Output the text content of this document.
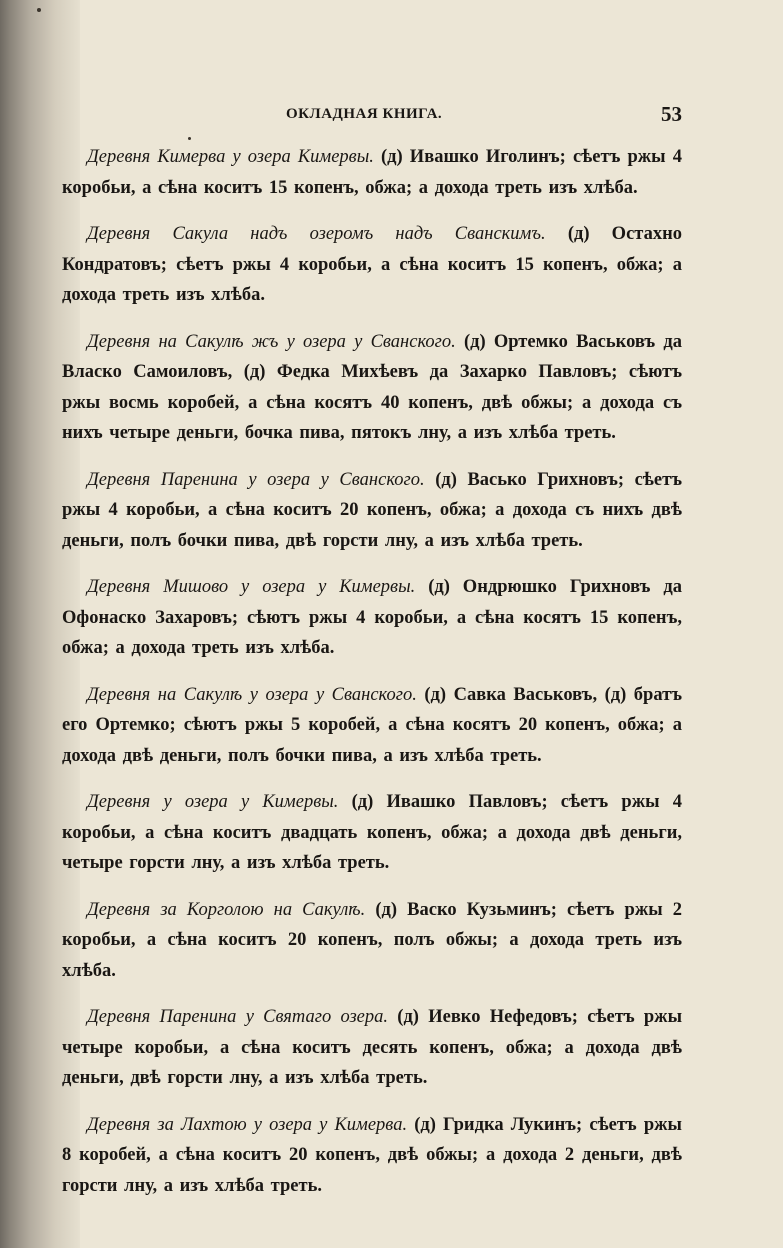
ОКЛАДНАЯ КНИГА.	53

Деревня Кимерва у озера Кимервы. (д) Ивашко Иголинъ; сѣетъ ржы 4 коробьи, а сѣна коситъ 15 копенъ, обжа; а дохода треть изъ хлѣба.

Деревня Сакула надъ озеромъ надъ Сванскимъ. (д) Остахно Кондратовъ; сѣетъ ржы 4 коробьи, а сѣна коситъ 15 копенъ, обжа; а дохода треть изъ хлѣба.

Деревня на Сакулѣ жъ у озера у Сванского. (д) Ортемко Васьковъ да Власко Самоиловъ, (д) Федка Михѣевъ да Захарко Павловъ; сѣютъ ржы восмь коробей, а сѣна косятъ 40 копенъ, двѣ обжы; а дохода съ нихъ четыре деньги, бочка пива, пятокъ лну, а изъ хлѣба треть.

Деревня Паренина у озера у Сванского. (д) Васько Грихновъ; сѣетъ ржы 4 коробьи, а сѣна коситъ 20 копенъ, обжа; а дохода съ нихъ двѣ деньги, полъ бочки пива, двѣ горсти лну, а изъ хлѣба треть.

Деревня Мишово у озера у Кимервы. (д) Ондрюшко Грихновъ да Офонаско Захаровъ; сѣютъ ржы 4 коробьи, а сѣна косятъ 15 копенъ, обжа; а дохода треть изъ хлѣба.

Деревня на Сакулѣ у озера у Сванского. (д) Савка Васьковъ, (д) братъ его Ортемко; сѣютъ ржы 5 коробей, а сѣна косятъ 20 копенъ, обжа; а дохода двѣ деньги, полъ бочки пива, а изъ хлѣба треть.

Деревня у озера у Кимервы. (д) Ивашко Павловъ; сѣетъ ржы 4 коробьи, а сѣна коситъ двадцать копенъ, обжа; а дохода двѣ деньги, четыре горсти лну, а изъ хлѣба треть.

Деревня за Корголою на Сакулѣ. (д) Васко Кузьминъ; сѣетъ ржы 2 коробьи, а сѣна коситъ 20 копенъ, полъ обжы; а дохода треть изъ хлѣба.

Деревня Паренина у Святаго озера. (д) Иевко Нефедовъ; сѣетъ ржы четыре коробьи, а сѣна коситъ десять копенъ, обжа; а дохода двѣ деньги, двѣ горсти лну, а изъ хлѣба треть.

Деревня за Лахтою у озера у Кимерва. (д) Гридка Лукинъ; сѣетъ ржы 8 коробей, а сѣна коситъ 20 копенъ, двѣ обжы; а дохода 2 деньги, двѣ горсти лну, а изъ хлѣба треть.
